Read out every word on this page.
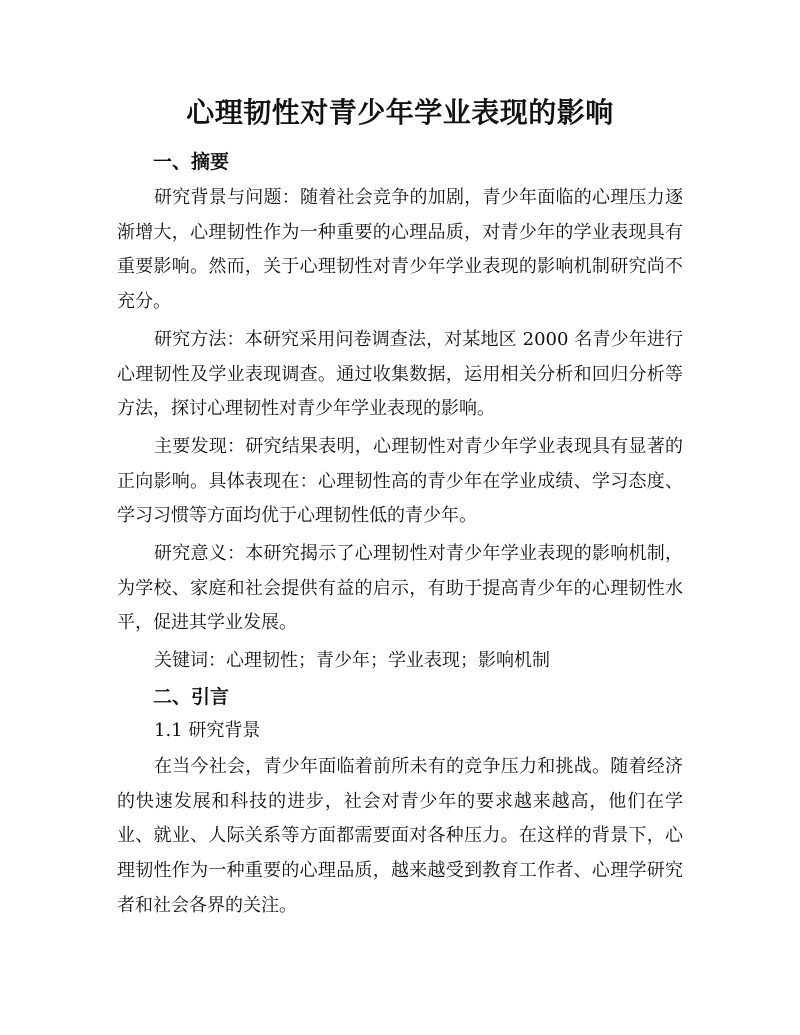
心理韧性对青少年学业表现的影响
一、摘要

研究背景与问题：随着社会竞争的加剧，青少年面临的心理压力逐渐增大，心理韧性作为一种重要的心理品质，对青少年的学业表现具有重要影响。然而，关于心理韧性对青少年学业表现的影响机制研究尚不充分。

研究方法：本研究采用问卷调查法，对某地区 2000 名青少年进行心理韧性及学业表现调查。通过收集数据，运用相关分析和回归分析等方法，探讨心理韧性对青少年学业表现的影响。

主要发现：研究结果表明，心理韧性对青少年学业表现具有显著的正向影响。具体表现在：心理韧性高的青少年在学业成绩、学习态度、学习习惯等方面均优于心理韧性低的青少年。

研究意义：本研究揭示了心理韧性对青少年学业表现的影响机制，为学校、家庭和社会提供有益的启示，有助于提高青少年的心理韧性水平，促进其学业发展。

关键词：心理韧性；青少年；学业表现；影响机制
二、引言
1.1 研究背景

在当今社会，青少年面临着前所未有的竞争压力和挑战。随着经济的快速发展和科技的进步，社会对青少年的要求越来越高，他们在学业、就业、人际关系等方面都需要面对各种压力。在这样的背景下，心理韧性作为一种重要的心理品质，越来越受到教育工作者、心理学研究者和社会各界的关注。
